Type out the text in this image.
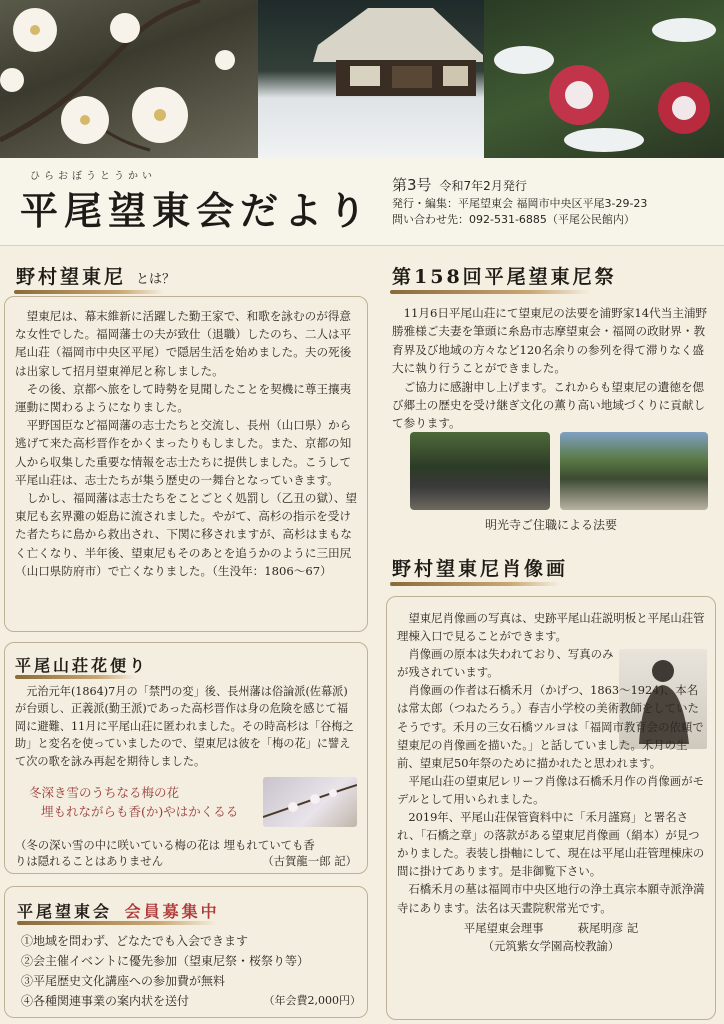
ひらおぼうとうかい
平尾望東会だより
第3号 令和7年2月発行
発行・編集：平尾望東会 福岡市中央区平尾3-29-23
問い合わせ先：092-531-6885（平尾公民館内）
野村望東尼 とは？

望東尼は、幕末維新に活躍した勤王家で、和歌を詠むのが得意な女性でした。福岡藩士の夫が致仕（退職）したのち、二人は平尾山荘（福岡市中央区平尾）で隠居生活を始めました。夫の死後は出家して招月望東禅尼と称しました。

その後、京都へ旅をして時勢を見聞したことを契機に尊王攘夷運動に関わるようになりました。

平野国臣など福岡藩の志士たちと交流し、長州（山口県）から逃げて来た高杉晋作をかくまったりもしました。また、京都の知人から収集した重要な情報を志士たちに提供しました。こうして平尾山荘は、志士たちが集う歴史の一舞台となっていきます。

しかし、福岡藩は志士たちをことごとく処罰し（乙丑の獄）、望東尼も玄界灘の姫島に流されました。やがて、高杉の指示を受けた者たちに島から救出され、下関に移されますが、高杉はまもなく亡くなり、半年後、望東尼もそのあとを追うかのように三田尻（山口県防府市）で亡くなりました。（生没年：1806〜67）

平尾山荘花便り

元治元年(1864)7月の「禁門の変」後、長州藩は俗論派(佐幕派)が台頭し、正義派(勤王派)であった高杉晋作は身の危険を感じて福岡に避難、11月に平尾山荘に匿われました。その時高杉は「谷梅之助」と変名を使っていましたので、望東尼は彼を「梅の花」に譬えて次の歌を詠み再起を期待しました。

冬深き雪のうちなる梅の花
埋もれながらも香(か)やはかくるる
（冬の深い雪の中に咲いている梅の花は 埋もれていても香
りは隠れることはありません	（古賀龍一郎 記）
平尾望東会 会員募集中
①地域を問わず、どなたでも入会できます
②会主催イベントに優先参加（望東尼祭・桜祭り等）
③平尾歴史文化講座への参加費が無料
④各種関連事業の案内状を送付	（年会費2,000円）
第158回平尾望東尼祭

11月6日平尾山荘にて望東尼の法要を浦野家14代当主浦野勝雅様ご夫妻を筆頭に糸島市志摩望東会・福岡の政財界・教育界及び地域の方々など120名余りの参列を得て滞りなく盛大に執り行うことができました。

ご協力に感謝申し上げます。これからも望東尼の遺徳を偲び郷土の歴史を受け継ぎ文化の薫り高い地域づくりに貢献して参ります。

明光寺ご住職による法要
野村望東尼肖像画

望東尼肖像画の写真は、史跡平尾山荘説明板と平尾山荘管理棟入口で見ることができます。

肖像画の原本は失われており、写真のみが残されています。

肖像画の作者は石橋禾月（かげつ、1863〜1924)、本名は常太郎（つねたろう。）春吉小学校の美術教師をしていたそうです。禾月の三女石橋ツルヨは「福岡市教育会の依頼で望東尼の肖像画を描いた。」と話していました。禾月の生前、望東尼50年祭のために描かれたと思われます。

平尾山荘の望東尼レリーフ肖像は石橋禾月作の肖像画がモデルとして用いられました。

2019年、平尾山荘保管資料中に「禾月謹寫」と署名され、「石橋之章」の落款がある望東尼肖像画（絹本）が見つかりました。表装し掛軸にして、現在は平尾山荘管理棟床の間に掛けてあります。是非御覧下さい。

石橋禾月の墓は福岡市中央区地行の浄土真宗本願寺派浄満寺にあります。法名は天晝院釈常光です。

平尾望東会理事　　　萩尾明彦 記

（元筑紫女学園高校教諭）
